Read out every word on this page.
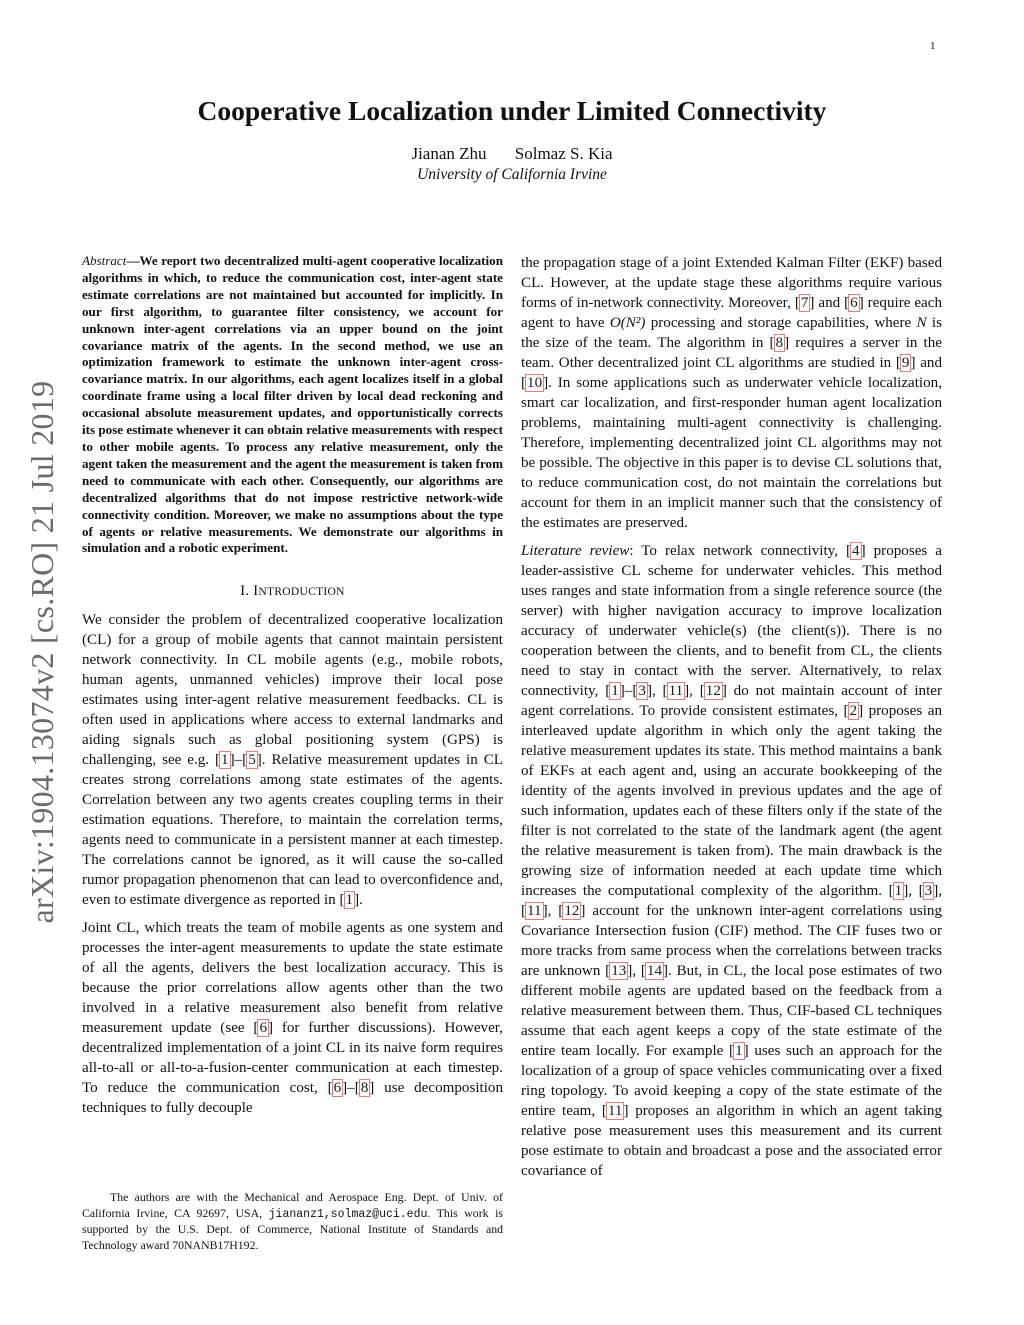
1
arXiv:1904.13074v2 [cs.RO] 21 Jul 2019
Cooperative Localization under Limited Connectivity
Jianan Zhu Solmaz S. Kia
University of California Irvine

Abstract—We report two decentralized multi-agent cooperative localization algorithms in which, to reduce the communication cost, inter-agent state estimate correlations are not maintained but accounted for implicitly. In our first algorithm, to guarantee filter consistency, we account for unknown inter-agent correlations via an upper bound on the joint covariance matrix of the agents. In the second method, we use an optimization framework to estimate the unknown inter-agent cross-covariance matrix. In our algorithms, each agent localizes itself in a global coordinate frame using a local filter driven by local dead reckoning and occasional absolute measurement updates, and opportunistically corrects its pose estimate whenever it can obtain relative measurements with respect to other mobile agents. To process any relative measurement, only the agent taken the measurement and the agent the measurement is taken from need to communicate with each other. Consequently, our algorithms are decentralized algorithms that do not impose restrictive network-wide connectivity condition. Moreover, we make no assumptions about the type of agents or relative measurements. We demonstrate our algorithms in simulation and a robotic experiment.

I. INTRODUCTION

We consider the problem of decentralized cooperative localization (CL) for a group of mobile agents that cannot maintain persistent network connectivity. In CL mobile agents (e.g., mobile robots, human agents, unmanned vehicles) improve their local pose estimates using inter-agent relative measurement feedbacks. CL is often used in applications where access to external landmarks and aiding signals such as global positioning system (GPS) is challenging, see e.g. [1]–[5]. Relative measurement updates in CL creates strong correlations among state estimates of the agents. Correlation between any two agents creates coupling terms in their estimation equations. Therefore, to maintain the correlation terms, agents need to communicate in a persistent manner at each timestep. The correlations cannot be ignored, as it will cause the so-called rumor propagation phenomenon that can lead to overconfidence and, even to estimate divergence as reported in [1].

Joint CL, which treats the team of mobile agents as one system and processes the inter-agent measurements to update the state estimate of all the agents, delivers the best localization accuracy. This is because the prior correlations allow agents other than the two involved in a relative measurement also benefit from relative measurement update (see [6] for further discussions). However, decentralized implementation of a joint CL in its naive form requires all-to-all or all-to-a-fusion-center communication at each timestep. To reduce the communication cost, [6]–[8] use decomposition techniques to fully decouple

The authors are with the Mechanical and Aerospace Eng. Dept. of Univ. of California Irvine, CA 92697, USA, jiananz1,solmaz@uci.edu. This work is supported by the U.S. Dept. of Commerce, National Institute of Standards and Technology award 70NANB17H192.

the propagation stage of a joint Extended Kalman Filter (EKF) based CL. However, at the update stage these algorithms require various forms of in-network connectivity. Moreover, [7] and [6] require each agent to have O(N²) processing and storage capabilities, where N is the size of the team. The algorithm in [8] requires a server in the team. Other decentralized joint CL algorithms are studied in [9] and [10]. In some applications such as underwater vehicle localization, smart car localization, and first-responder human agent localization problems, maintaining multi-agent connectivity is challenging. Therefore, implementing decentralized joint CL algorithms may not be possible. The objective in this paper is to devise CL solutions that, to reduce communication cost, do not maintain the correlations but account for them in an implicit manner such that the consistency of the estimates are preserved.

Literature review: To relax network connectivity, [4] proposes a leader-assistive CL scheme for underwater vehicles. This method uses ranges and state information from a single reference source (the server) with higher navigation accuracy to improve localization accuracy of underwater vehicle(s) (the client(s)). There is no cooperation between the clients, and to benefit from CL, the clients need to stay in contact with the server. Alternatively, to relax connectivity, [1]–[3], [11], [12] do not maintain account of inter agent correlations. To provide consistent estimates, [2] proposes an interleaved update algorithm in which only the agent taking the relative measurement updates its state. This method maintains a bank of EKFs at each agent and, using an accurate bookkeeping of the identity of the agents involved in previous updates and the age of such information, updates each of these filters only if the state of the filter is not correlated to the state of the landmark agent (the agent the relative measurement is taken from). The main drawback is the growing size of information needed at each update time which increases the computational complexity of the algorithm. [1], [3], [11], [12] account for the unknown inter-agent correlations using Covariance Intersection fusion (CIF) method. The CIF fuses two or more tracks from same process when the correlations between tracks are unknown [13], [14]. But, in CL, the local pose estimates of two different mobile agents are updated based on the feedback from a relative measurement between them. Thus, CIF-based CL techniques assume that each agent keeps a copy of the state estimate of the entire team locally. For example [1] uses such an approach for the localization of a group of space vehicles communicating over a fixed ring topology. To avoid keeping a copy of the state estimate of the entire team, [11] proposes an algorithm in which an agent taking relative pose measurement uses this measurement and its current pose estimate to obtain and broadcast a pose and the associated error covariance of
